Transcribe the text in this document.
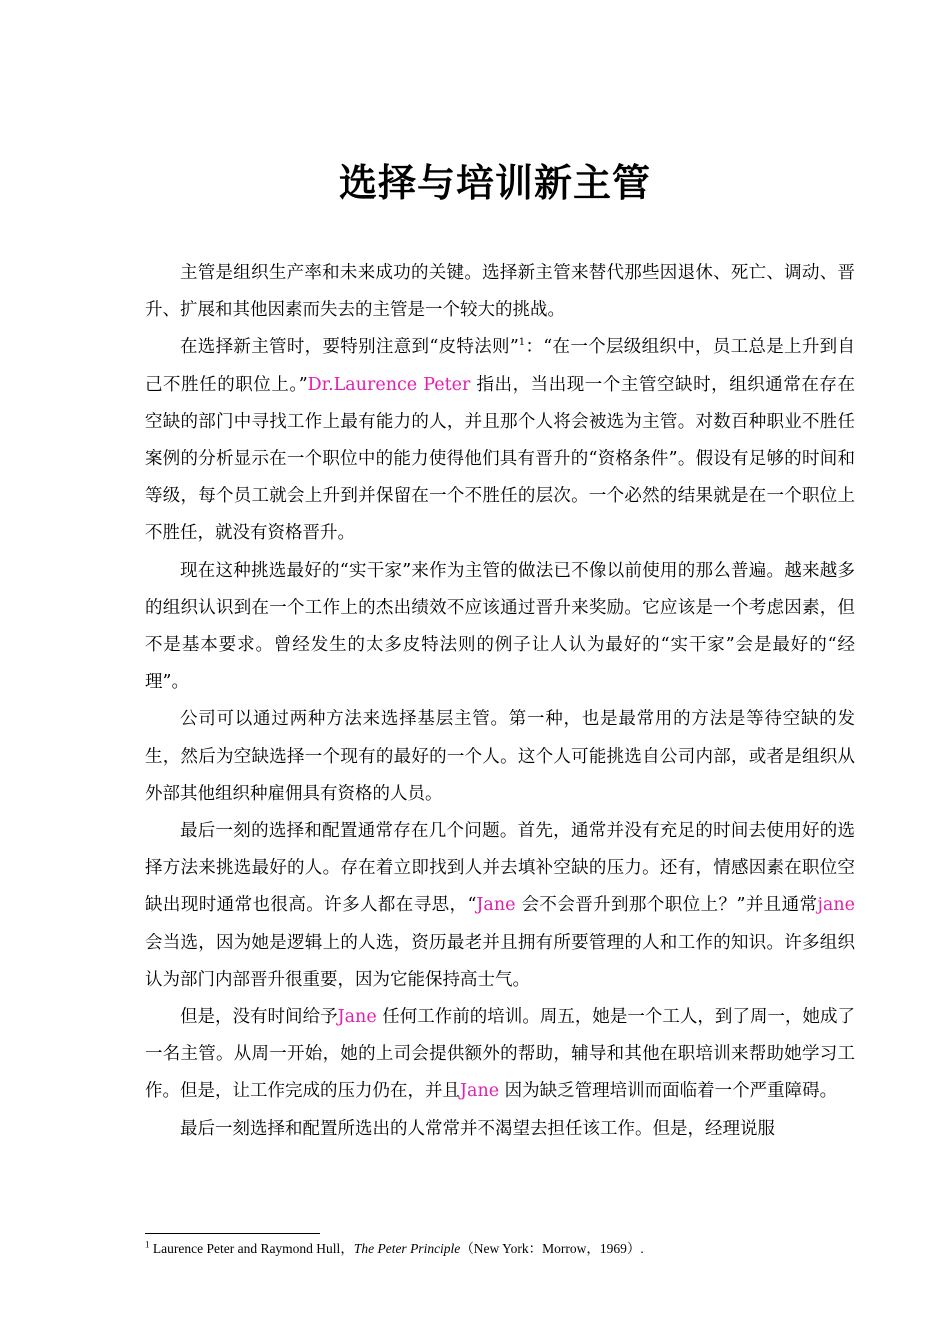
选择与培训新主管

主管是组织生产率和未来成功的关键。选择新主管来替代那些因退休、死亡、调动、晋升、扩展和其他因素而失去的主管是一个较大的挑战。

在选择新主管时，要特别注意到“皮特法则”$^1$：“在一个层级组织中，员工总是上升到自己不胜任的职位上。”Dr.Laurence Peter 指出，当出现一个主管空缺时，组织通常在存在空缺的部门中寻找工作上最有能力的人，并且那个人将会被选为主管。对数百种职业不胜任案例的分析显示在一个职位中的能力使得他们具有晋升的“资格条件”。假设有足够的时间和等级，每个员工就会上升到并保留在一个不胜任的层次。一个必然的结果就是在一个职位上不胜任，就没有资格晋升。

现在这种挑选最好的“实干家”来作为主管的做法已不像以前使用的那么普遍。越来越多的组织认识到在一个工作上的杰出绩效不应该通过晋升来奖励。它应该是一个考虑因素，但不是基本要求。曾经发生的太多皮特法则的例子让人认为最好的“实干家”会是最好的“经理”。

公司可以通过两种方法来选择基层主管。第一种，也是最常用的方法是等待空缺的发生，然后为空缺选择一个现有的最好的一个人。这个人可能挑选自公司内部，或者是组织从外部其他组织种雇佣具有资格的人员。

最后一刻的选择和配置通常存在几个问题。首先，通常并没有充足的时间去使用好的选择方法来挑选最好的人。存在着立即找到人并去填补空缺的压力。还有，情感因素在职位空缺出现时通常也很高。许多人都在寻思，“Jane 会不会晋升到那个职位上？”并且通常jane 会当选，因为她是逻辑上的人选，资历最老并且拥有所要管理的人和工作的知识。许多组织认为部门内部晋升很重要，因为它能保持高士气。

但是，没有时间给予Jane 任何工作前的培训。周五，她是一个工人，到了周一，她成了一名主管。从周一开始，她的上司会提供额外的帮助，辅导和其他在职培训来帮助她学习工作。但是，让工作完成的压力仍在，并且Jane 因为缺乏管理培训而面临着一个严重障碍。

最后一刻选择和配置所选出的人常常并不渴望去担任该工作。但是，经理说服

$^1$ Laurence Peter and Raymond Hull，The Peter Principle（New York：Morrow，1969）.
